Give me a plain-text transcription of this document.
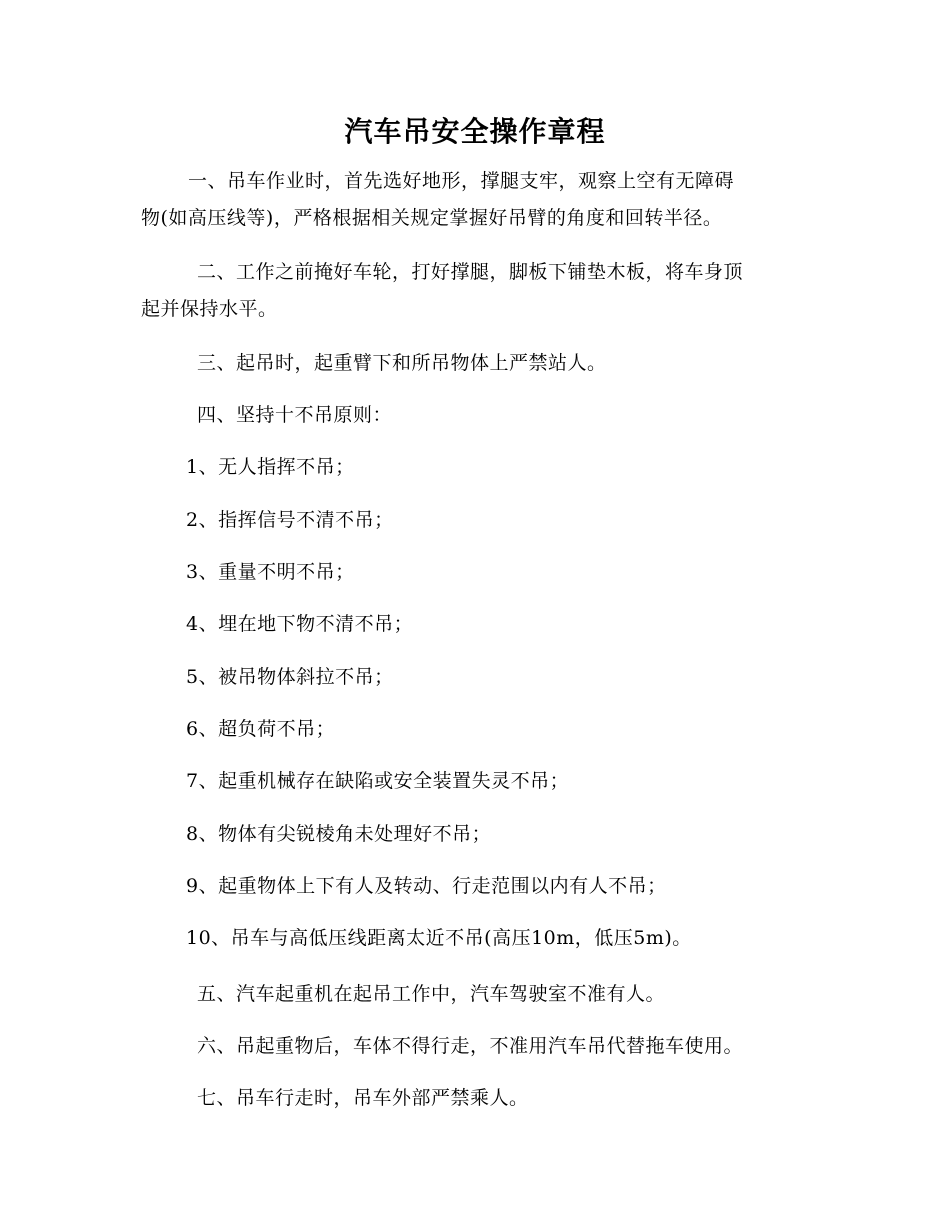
汽车吊安全操作章程
一、吊车作业时，首先选好地形，撑腿支牢，观察上空有无障碍
物(如高压线等)，严格根据相关规定掌握好吊臂的角度和回转半径。
二、工作之前掩好车轮，打好撑腿，脚板下铺垫木板，将车身顶
起并保持水平。
三、起吊时，起重臂下和所吊物体上严禁站人。
四、坚持十不吊原则：
1、无人指挥不吊；
2、指挥信号不清不吊；
3、重量不明不吊；
4、埋在地下物不清不吊；
5、被吊物体斜拉不吊；
6、超负荷不吊；
7、起重机械存在缺陷或安全装置失灵不吊；
8、物体有尖锐棱角未处理好不吊；
9、起重物体上下有人及转动、行走范围以内有人不吊；
10、吊车与高低压线距离太近不吊(高压10m，低压5m)。
五、汽车起重机在起吊工作中，汽车驾驶室不准有人。
六、吊起重物后，车体不得行走，不准用汽车吊代替拖车使用。
七、吊车行走时，吊车外部严禁乘人。
